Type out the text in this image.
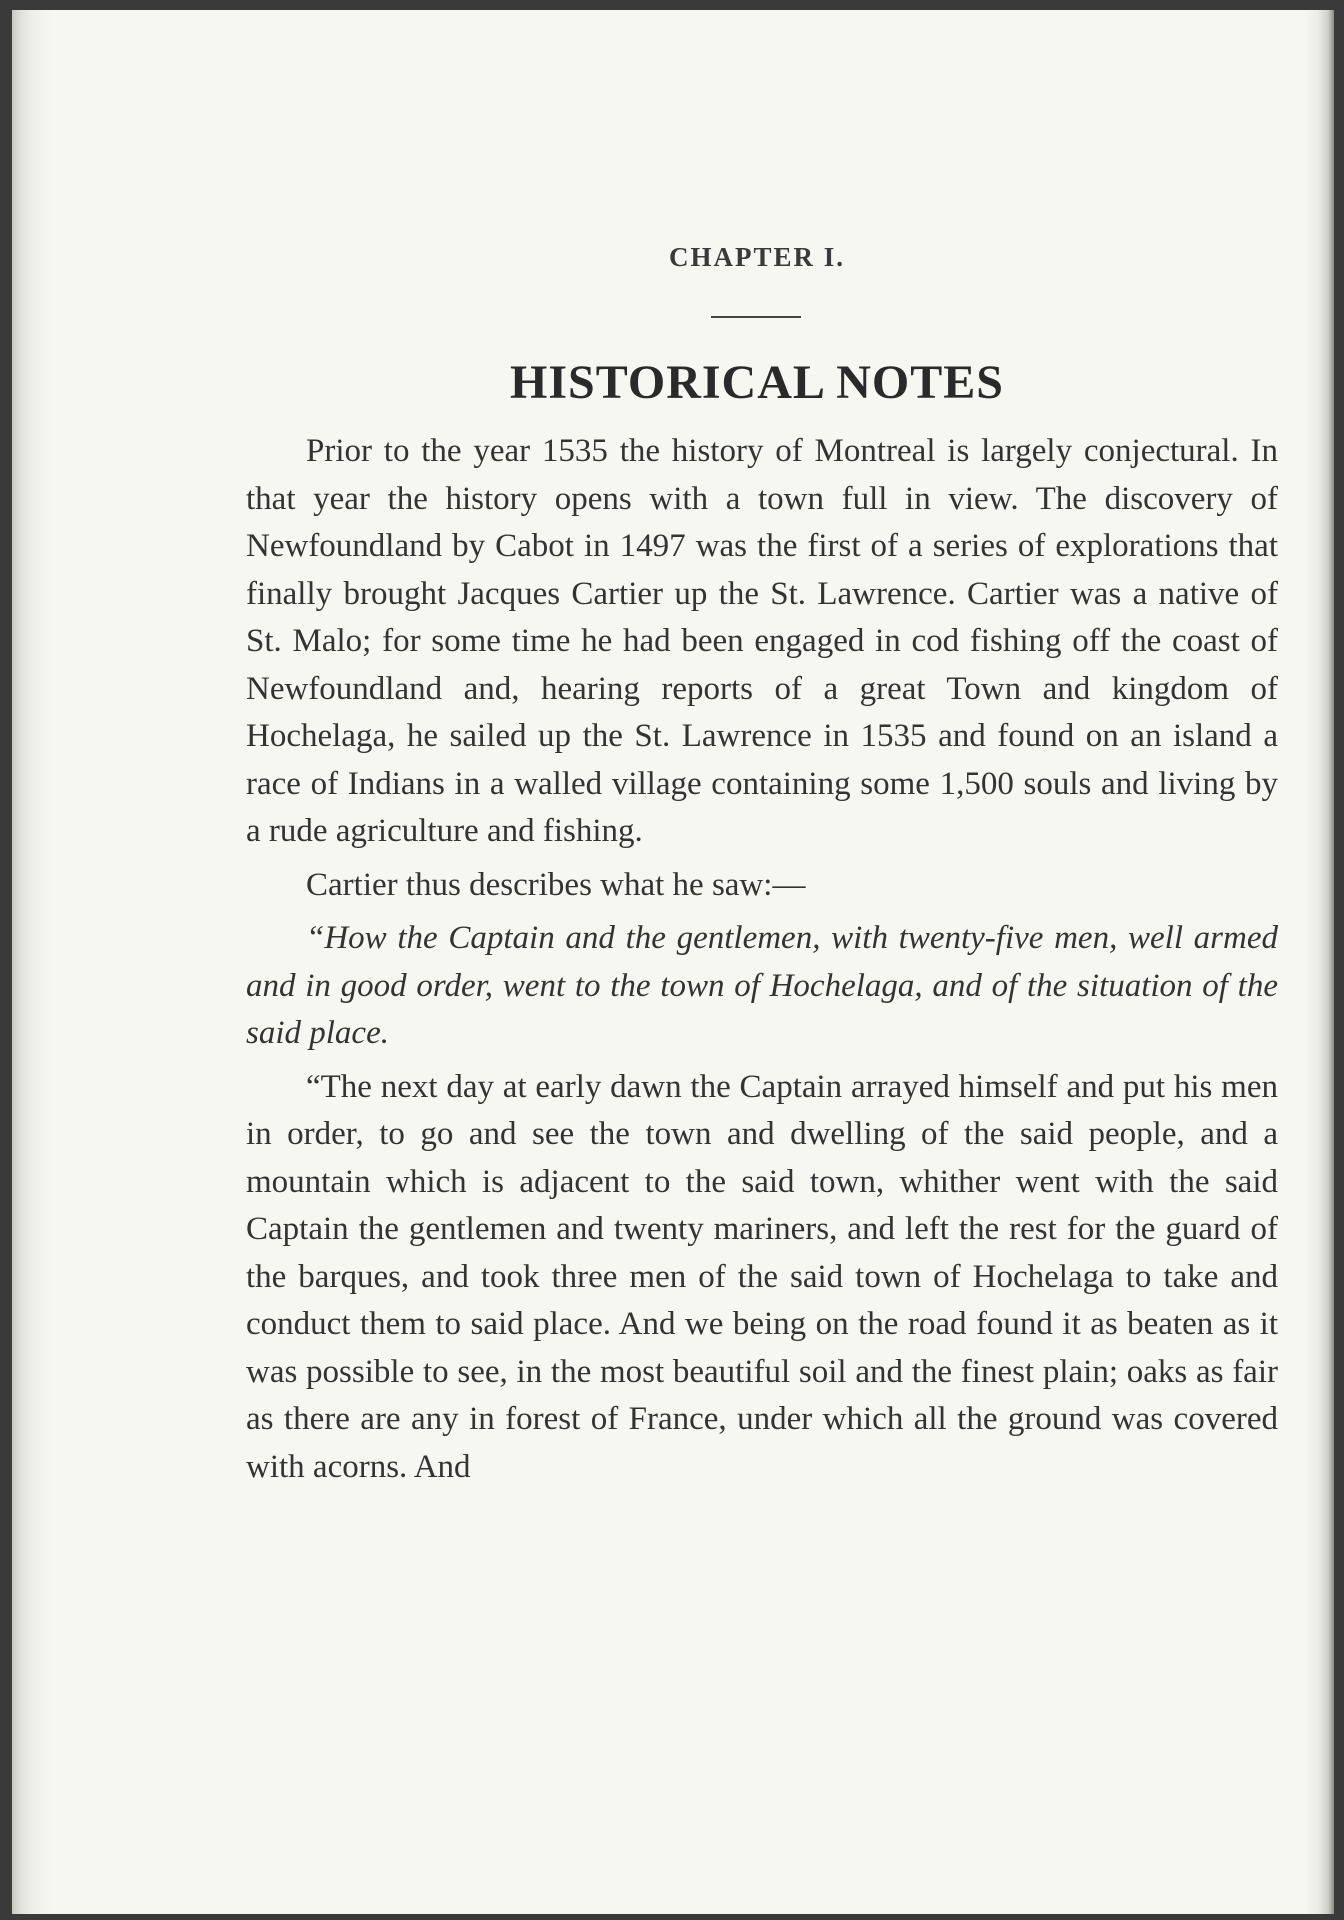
CHAPTER I.
HISTORICAL NOTES

Prior to the year 1535 the history of Montreal is largely conjectural. In that year the history opens with a town full in view. The discovery of Newfoundland by Cabot in 1497 was the first of a series of explorations that finally brought Jacques Cartier up the St. Lawrence. Cartier was a native of St. Malo; for some time he had been engaged in cod fishing off the coast of Newfoundland and, hearing reports of a great Town and kingdom of Hochelaga, he sailed up the St. Lawrence in 1535 and found on an island a race of Indians in a walled village containing some 1,500 souls and living by a rude agriculture and fishing.

Cartier thus describes what he saw:—

“How the Captain and the gentlemen, with twenty-five men, well armed and in good order, went to the town of Hochelaga, and of the situation of the said place.

“The next day at early dawn the Captain arrayed himself and put his men in order, to go and see the town and dwelling of the said people, and a mountain which is adjacent to the said town, whither went with the said Captain the gentlemen and twenty mariners, and left the rest for the guard of the barques, and took three men of the said town of Hochelaga to take and conduct them to said place. And we being on the road found it as beaten as it was possible to see, in the most beautiful soil and the finest plain; oaks as fair as there are any in forest of France, under which all the ground was covered with acorns. And
